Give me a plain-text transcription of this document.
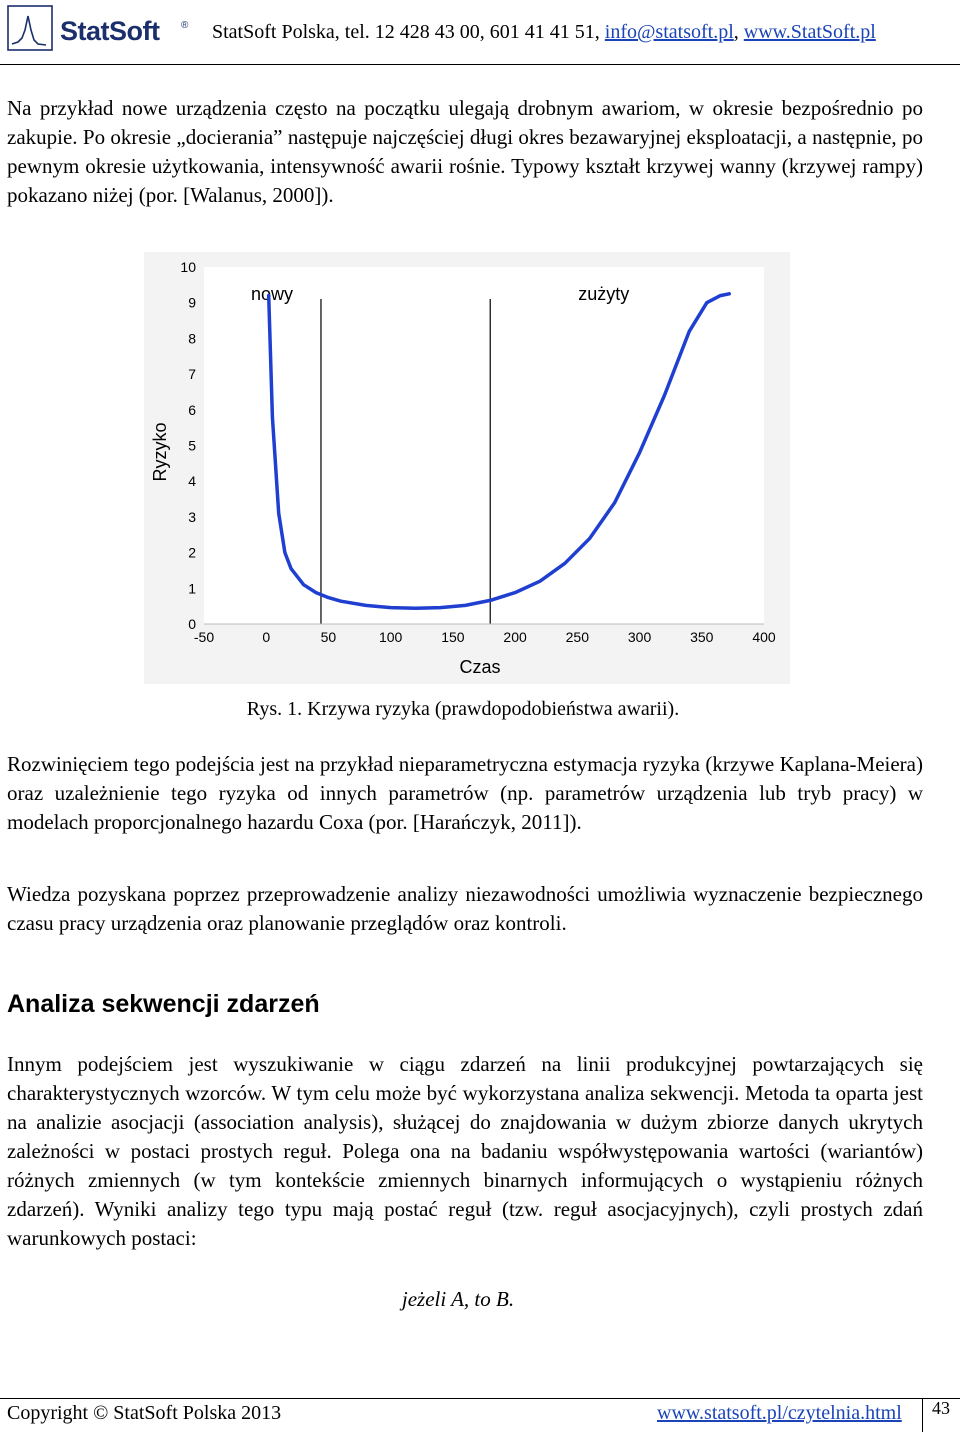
StatSoft ® StatSoft Polska, tel. 12 428 43 00, 601 41 41 51, info@statsoft.pl, www.StatSoft.pl
Na przykład nowe urządzenia często na początku ulegają drobnym awariom, w okresie bezpośrednio po zakupie. Po okresie „docierania” następuje najczęściej długi okres bezawaryjnej eksploatacji, a następnie, po pewnym okresie użytkowania, intensywność awarii rośnie. Typowy kształt krzywej wanny (krzywej rampy) pokazano niżej (por. [Walanus, 2000]).
0
1
2
3
4
5
6
7
8
9
10
-50	0	50	100	150	200	250	300	350	400
Czas
Ryzyko
nowy	zużyty
Rys. 1. Krzywa ryzyka (prawdopodobieństwa awarii).
Rozwinięciem tego podejścia jest na przykład nieparametryczna estymacja ryzyka (krzywe Kaplana-Meiera) oraz uzależnienie tego ryzyka od innych parametrów (np. parametrów urządzenia lub tryb pracy) w modelach proporcjonalnego hazardu Coxa (por. [Harańczyk, 2011]).
Wiedza pozyskana poprzez przeprowadzenie analizy niezawodności umożliwia wyznaczenie bezpiecznego czasu pracy urządzenia oraz planowanie przeglądów oraz kontroli.
Analiza sekwencji zdarzeń
Innym podejściem jest wyszukiwanie w ciągu zdarzeń na linii produkcyjnej powtarzających się charakterystycznych wzorców. W tym celu może być wykorzystana analiza sekwencji. Metoda ta oparta jest na analizie asocjacji (association analysis), służącej do znajdowania w dużym zbiorze danych ukrytych zależności w postaci prostych reguł. Polega ona na badaniu współwystępowania wartości (wariantów) różnych zmiennych (w tym kontekście zmiennych binarnych informujących o wystąpieniu różnych zdarzeń). Wyniki analizy tego typu mają postać reguł (tzw. reguł asocjacyjnych), czyli prostych zdań warunkowych postaci:
jeżeli A, to B.
Copyright © StatSoft Polska 2013	www.statsoft.pl/czytelnia.html	43
